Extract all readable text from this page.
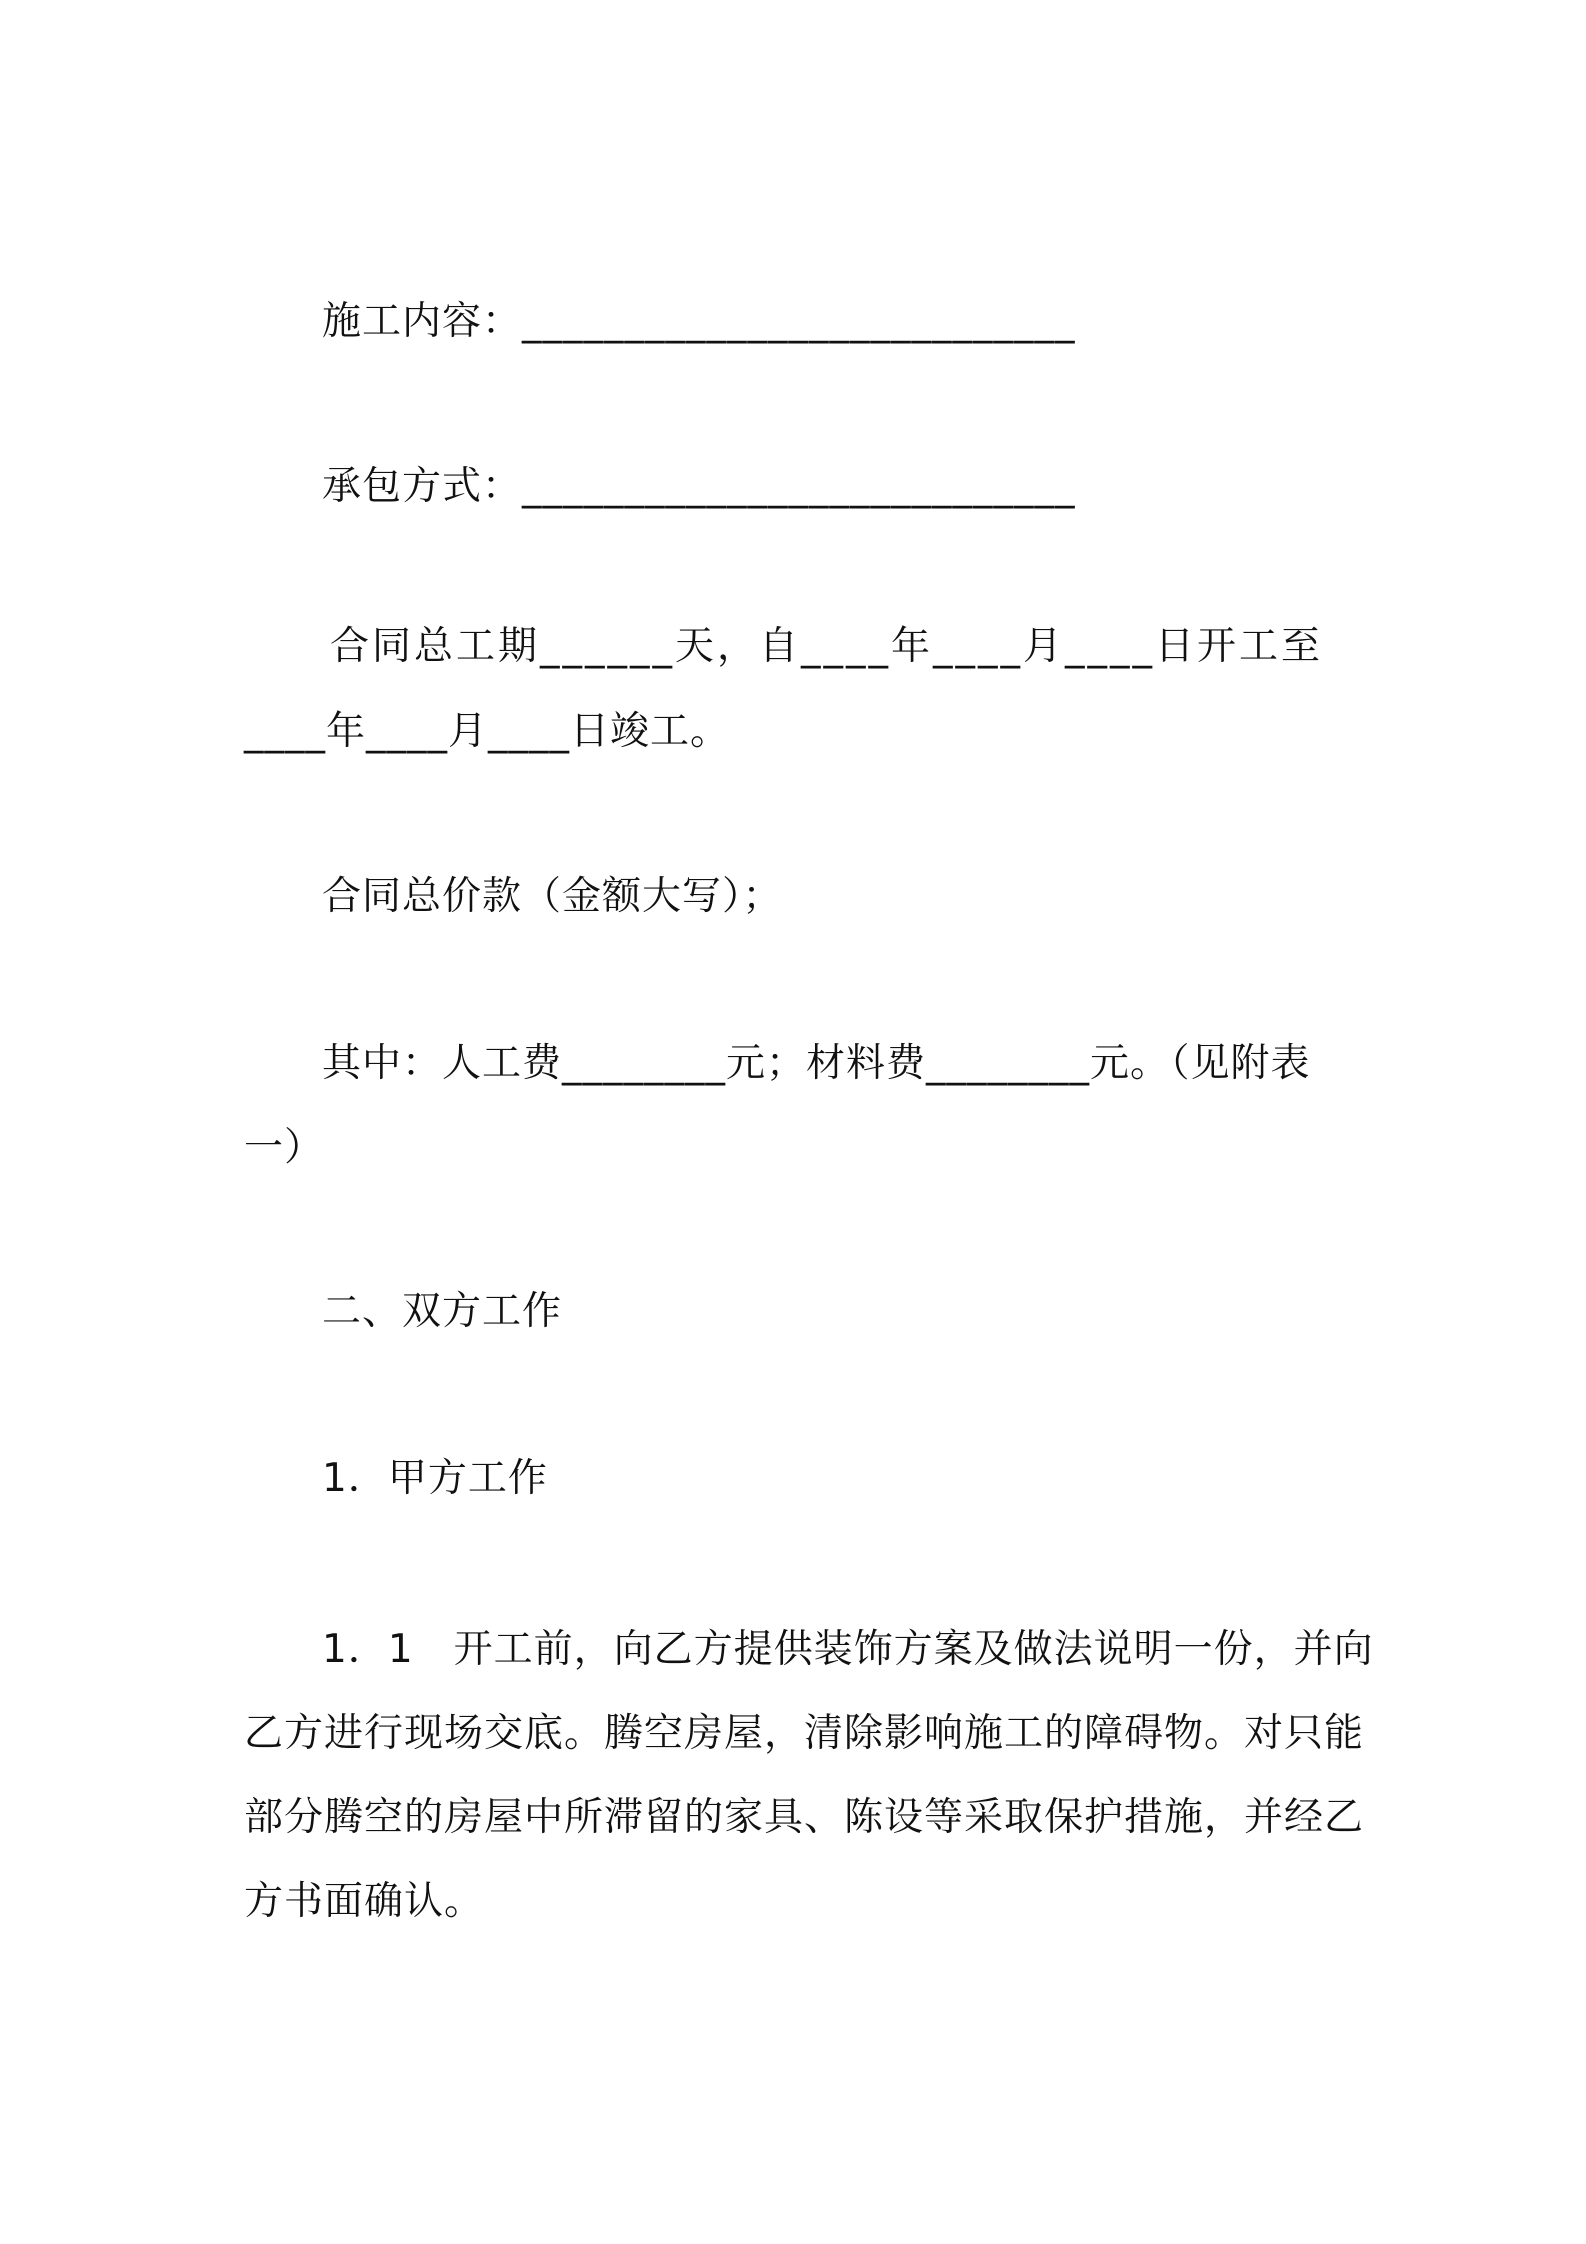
施工内容：___________________________
承包方式：___________________________
合同总工期______天，自____年____月____日开工至
____年____月____日竣工。
合同总价款（金额大写）；
其中：人工费________元；材料费________元。（见附表
一）
二、双方工作
1．甲方工作
1．1　开工前，向乙方提供装饰方案及做法说明一份，并向
乙方进行现场交底。腾空房屋，清除影响施工的障碍物。对只能
部分腾空的房屋中所滞留的家具、陈设等采取保护措施，并经乙
方书面确认。
